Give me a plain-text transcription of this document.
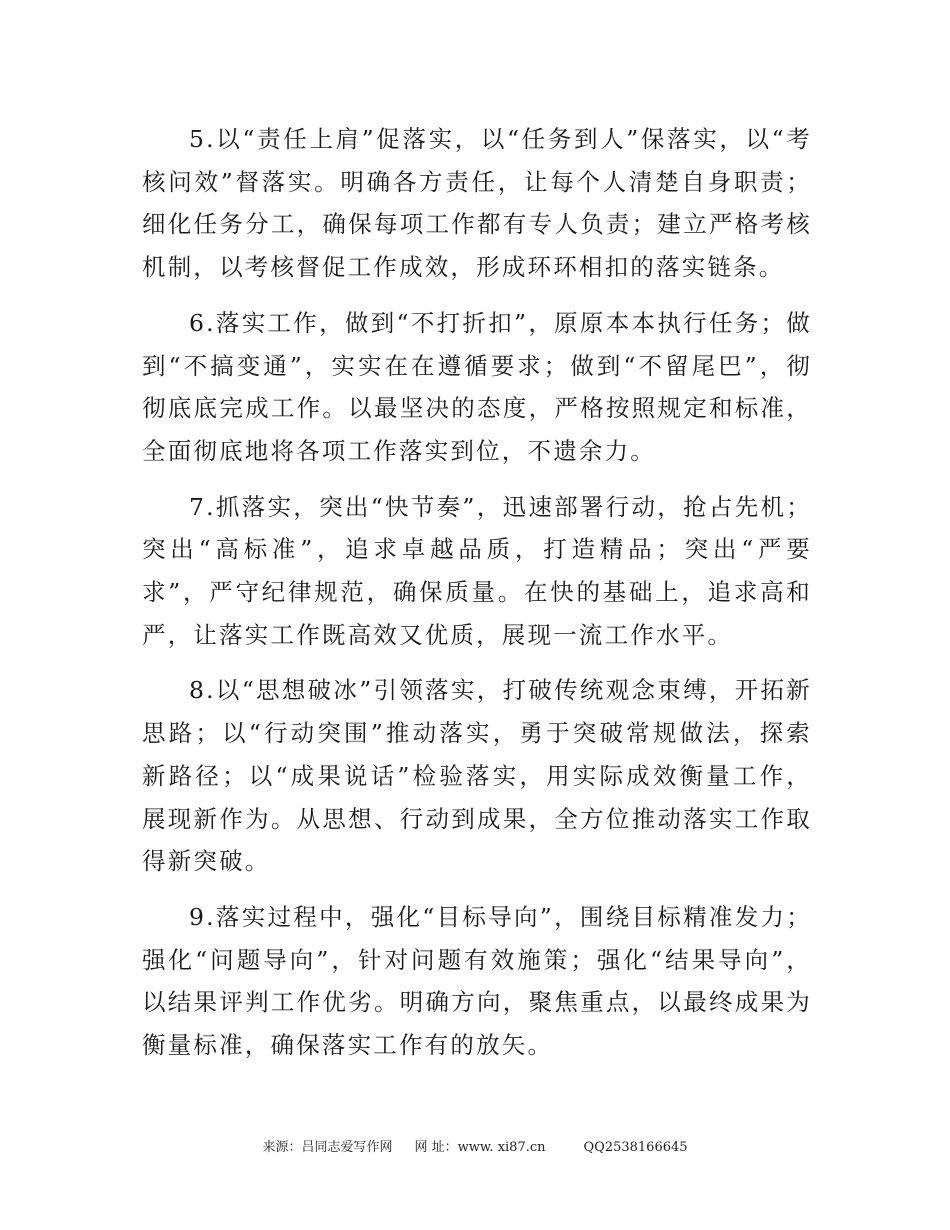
5.以“责任上肩”促落实，以“任务到人”保落实，以“考核问效”督落实。明确各方责任，让每个人清楚自身职责；细化任务分工，确保每项工作都有专人负责；建立严格考核机制，以考核督促工作成效，形成环环相扣的落实链条。

6.落实工作，做到“不打折扣”，原原本本执行任务；做到“不搞变通”，实实在在遵循要求；做到“不留尾巴”，彻彻底底完成工作。以最坚决的态度，严格按照规定和标准，全面彻底地将各项工作落实到位，不遗余力。

7.抓落实，突出“快节奏”，迅速部署行动，抢占先机；突出“高标准”，追求卓越品质，打造精品；突出“严要求”，严守纪律规范，确保质量。在快的基础上，追求高和严，让落实工作既高效又优质，展现一流工作水平。

8.以“思想破冰”引领落实，打破传统观念束缚，开拓新思路；以“行动突围”推动落实，勇于突破常规做法，探索新路径；以“成果说话”检验落实，用实际成效衡量工作，展现新作为。从思想、行动到成果，全方位推动落实工作取得新突破。

9.落实过程中，强化“目标导向”，围绕目标精准发力；强化“问题导向”，针对问题有效施策；强化“结果导向”，以结果评判工作优劣。明确方向，聚焦重点，以最终成果为衡量标准，确保落实工作有的放矢。

来源：吕同志爱写作网 网 址：www. xi87.cn	QQ2538166645
